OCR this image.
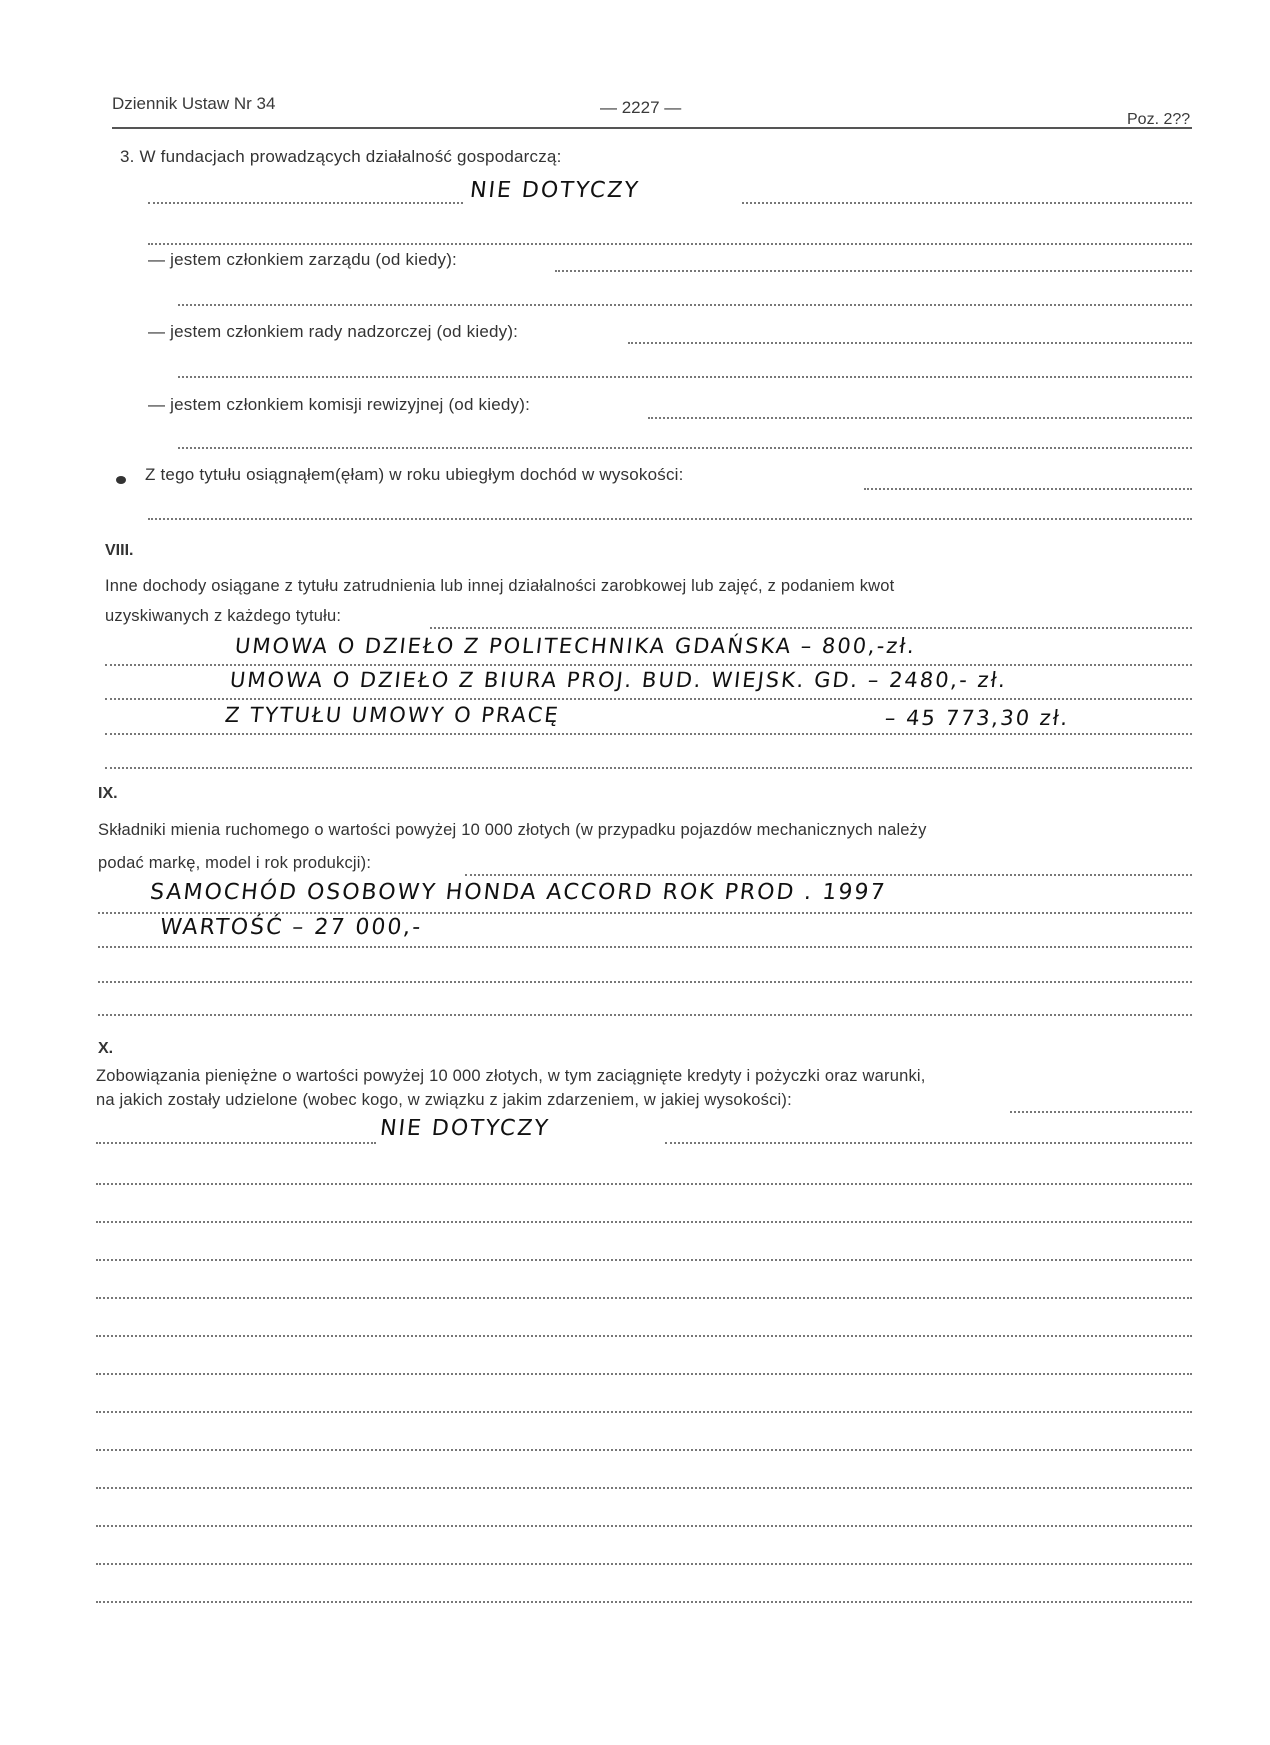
Dziennik Ustaw Nr 34	— 2227 —
Poz. 2??
3. W fundacjach prowadzących działalność gospodarczą:
NIE DOTYCZY
— jestem członkiem zarządu (od kiedy):
— jestem członkiem rady nadzorczej (od kiedy):
— jestem członkiem komisji rewizyjnej (od kiedy):
Z tego tytułu osiągnąłem(ęłam) w roku ubiegłym dochód w wysokości:
VIII.
Inne dochody osiągane z tytułu zatrudnienia lub innej działalności zarobkowej lub zajęć, z podaniem kwot
uzyskiwanych z każdego tytułu:
UMOWA O DZIEŁO Z POLITECHNIKA GDAŃSKA – 800,-zł.
UMOWA O DZIEŁO Z BIURA PROJ. BUD. WIEJSK. GD. – 2480,- zł.
Z TYTUŁU UMOWY O PRACĘ	– 45 773,30 zł.
IX.
Składniki mienia ruchomego o wartości powyżej 10 000 złotych (w przypadku pojazdów mechanicznych należy
podać markę, model i rok produkcji):
SAMOCHÓD OSOBOWY HONDA ACCORD ROK PROD . 1997
WARTOŚĆ – 27 000,-
X.
Zobowiązania pieniężne o wartości powyżej 10 000 złotych, w tym zaciągnięte kredyty i pożyczki oraz warunki,
na jakich zostały udzielone (wobec kogo, w związku z jakim zdarzeniem, w jakiej wysokości):
NIE DOTYCZY
